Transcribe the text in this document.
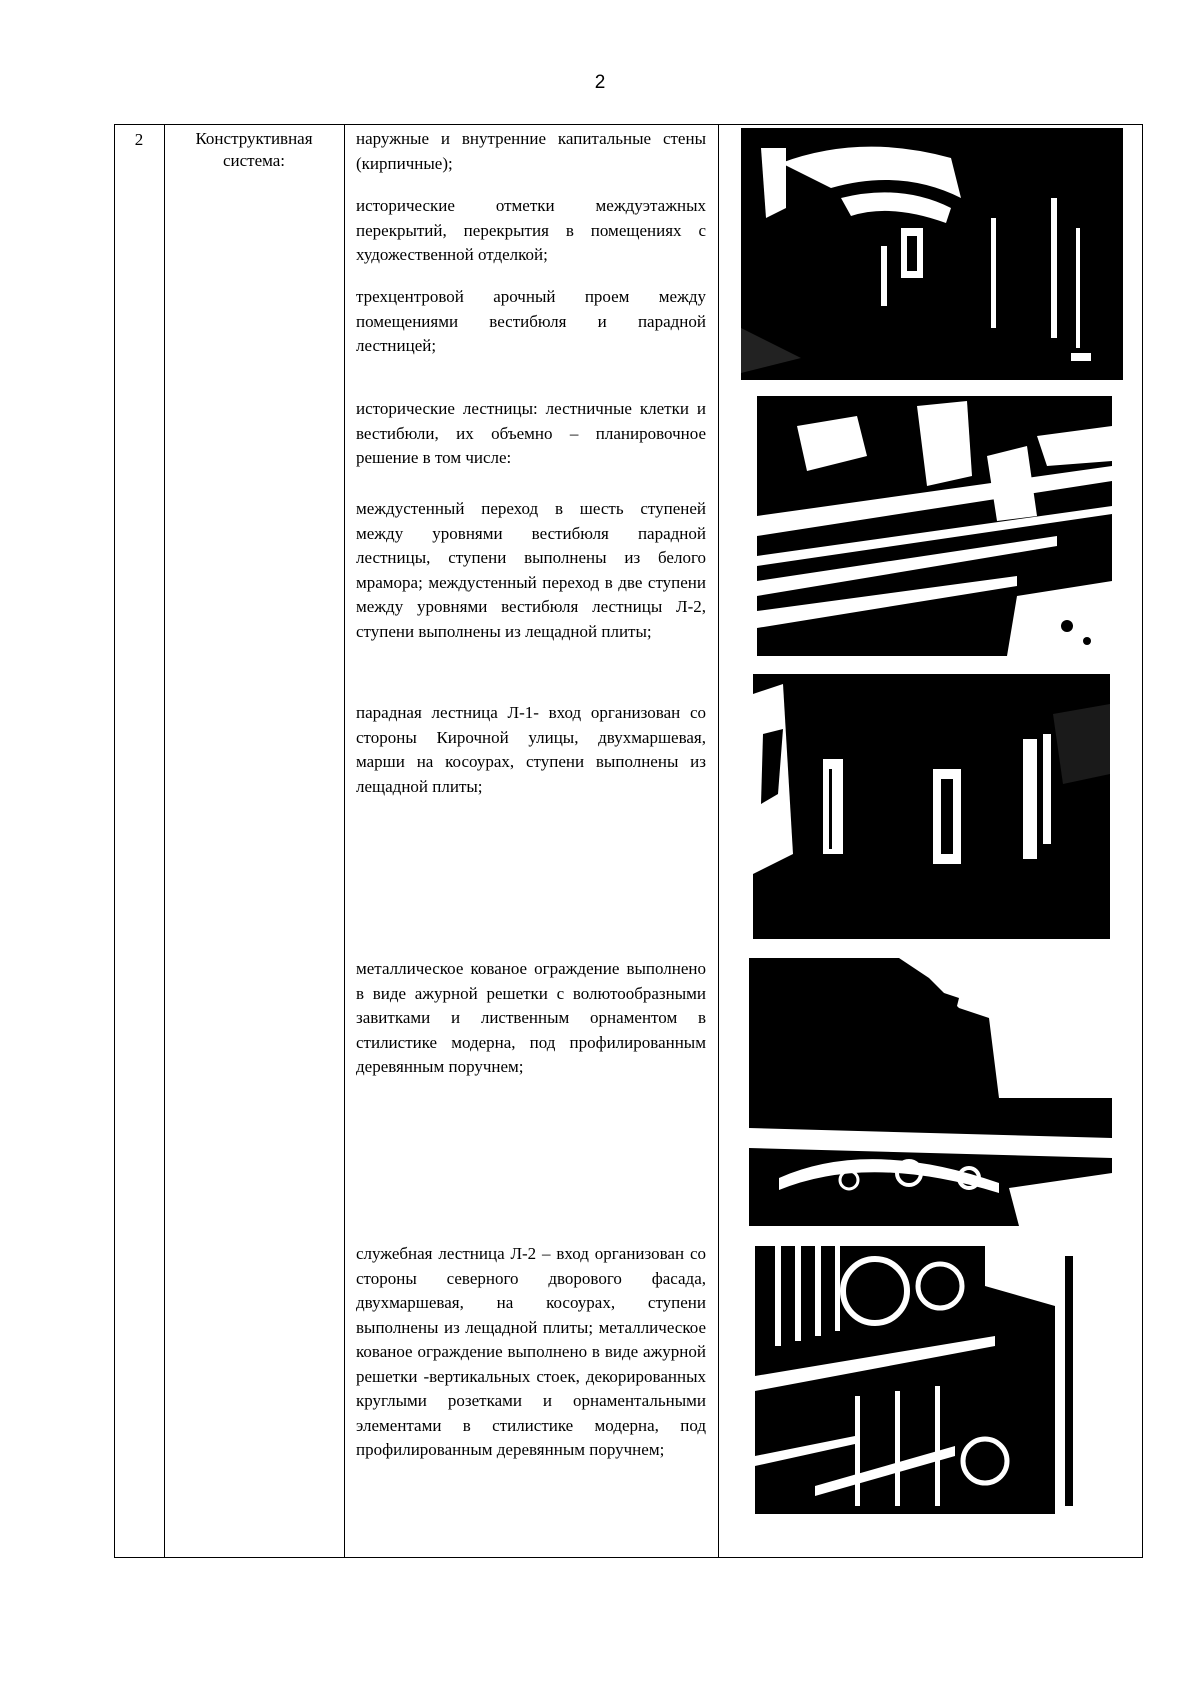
2
2	Конструктивная система:
наружные и внутренние капитальные стены (кирпичные);
исторические отметки междуэтажных перекрытий, перекрытия в помещениях с художественной отделкой;
трехцентровой арочный проем между помещениями вестибюля и парадной лестницей;
исторические лестницы: лестничные клетки и вестибюли, их объемно – планировочное решение в том числе:
междустенный переход в шесть ступеней между уровнями вестибюля парадной лестницы, ступени выполнены из белого мрамора; междустенный переход в две ступени между уровнями вестибюля лестницы Л-2, ступени выполнены из лещадной плиты;
парадная лестница Л-1- вход организован со стороны Кирочной улицы, двухмаршевая, марши на косоурах, ступени выполнены из лещадной плиты;
металлическое кованое ограждение выполнено в виде ажурной решетки с волютообразными завитками и лиственным орнаментом в стилистике модерна, под профилированным деревянным поручнем;
служебная лестница Л-2 – вход организован со стороны северного дворового фасада, двухмаршевая, на косоурах, ступени выполнены из лещадной плиты; металлическое кованое ограждение выполнено в виде ажурной решетки -вертикальных стоек, декорированных круглыми розетками и орнаментальными элементами в стилистике модерна, под профилированным деревянным поручнем;
